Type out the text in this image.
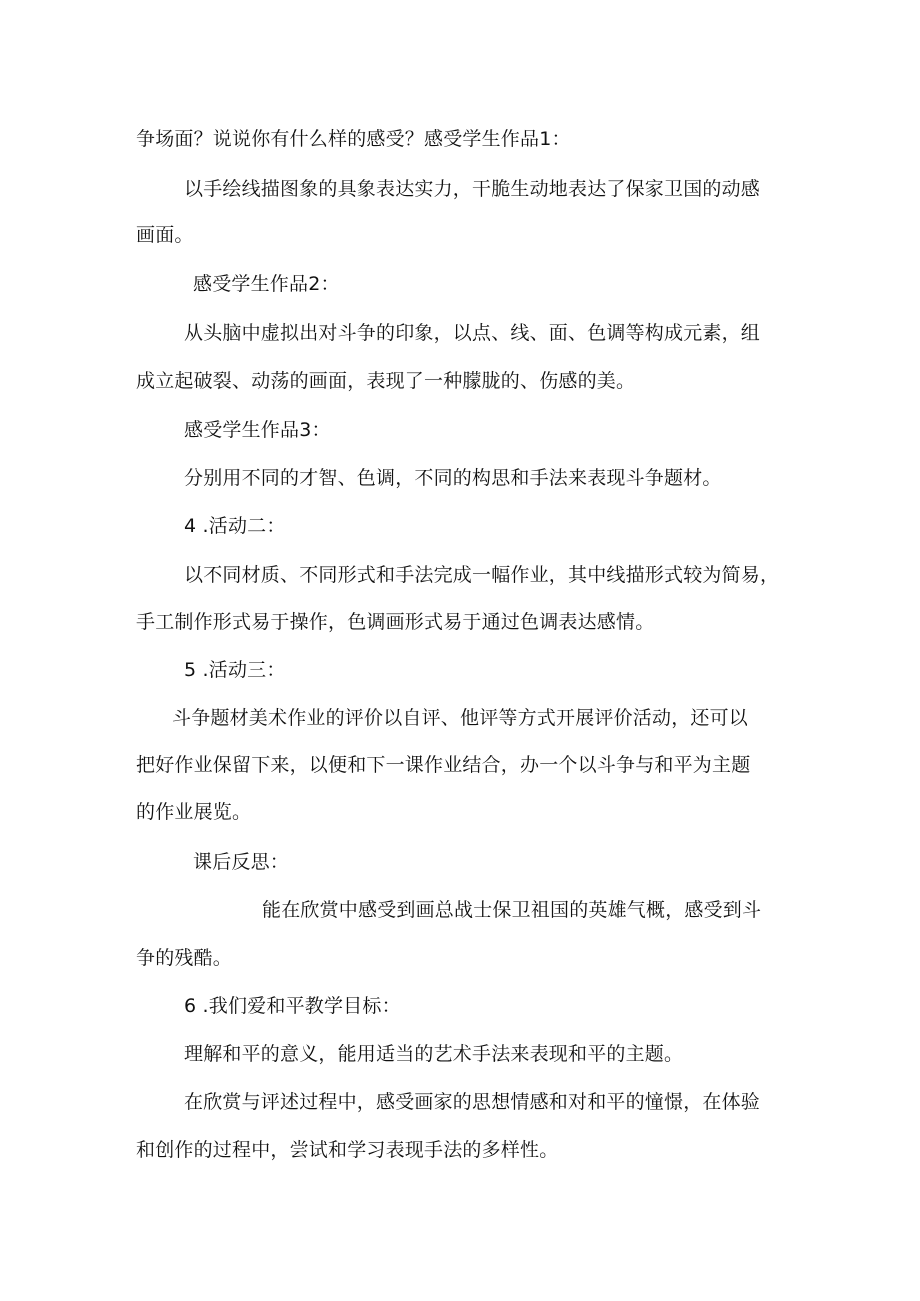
争场面？说说你有什么样的感受？感受学生作品1：
以手绘线描图象的具象表达实力，干脆生动地表达了保家卫国的动感
画面。
感受学生作品2：
从头脑中虚拟出对斗争的印象，以点、线、面、色调等构成元素，组
成立起破裂、动荡的画面，表现了一种朦胧的、伤感的美。
感受学生作品3：
分别用不同的才智、色调，不同的构思和手法来表现斗争题材。
4 .活动二：
以不同材质、不同形式和手法完成一幅作业，其中线描形式较为简易，
手工制作形式易于操作，色调画形式易于通过色调表达感情。
5 .活动三：
斗争题材美术作业的评价以自评、他评等方式开展评价活动，还可以
把好作业保留下来，以便和下一课作业结合，办一个以斗争与和平为主题
的作业展览。
课后反思：
能在欣赏中感受到画总战士保卫祖国的英雄气概，感受到斗
争的残酷。
6 .我们爱和平教学目标：
理解和平的意义，能用适当的艺术手法来表现和平的主题。
在欣赏与评述过程中，感受画家的思想情感和对和平的憧憬，在体验
和创作的过程中，尝试和学习表现手法的多样性。
